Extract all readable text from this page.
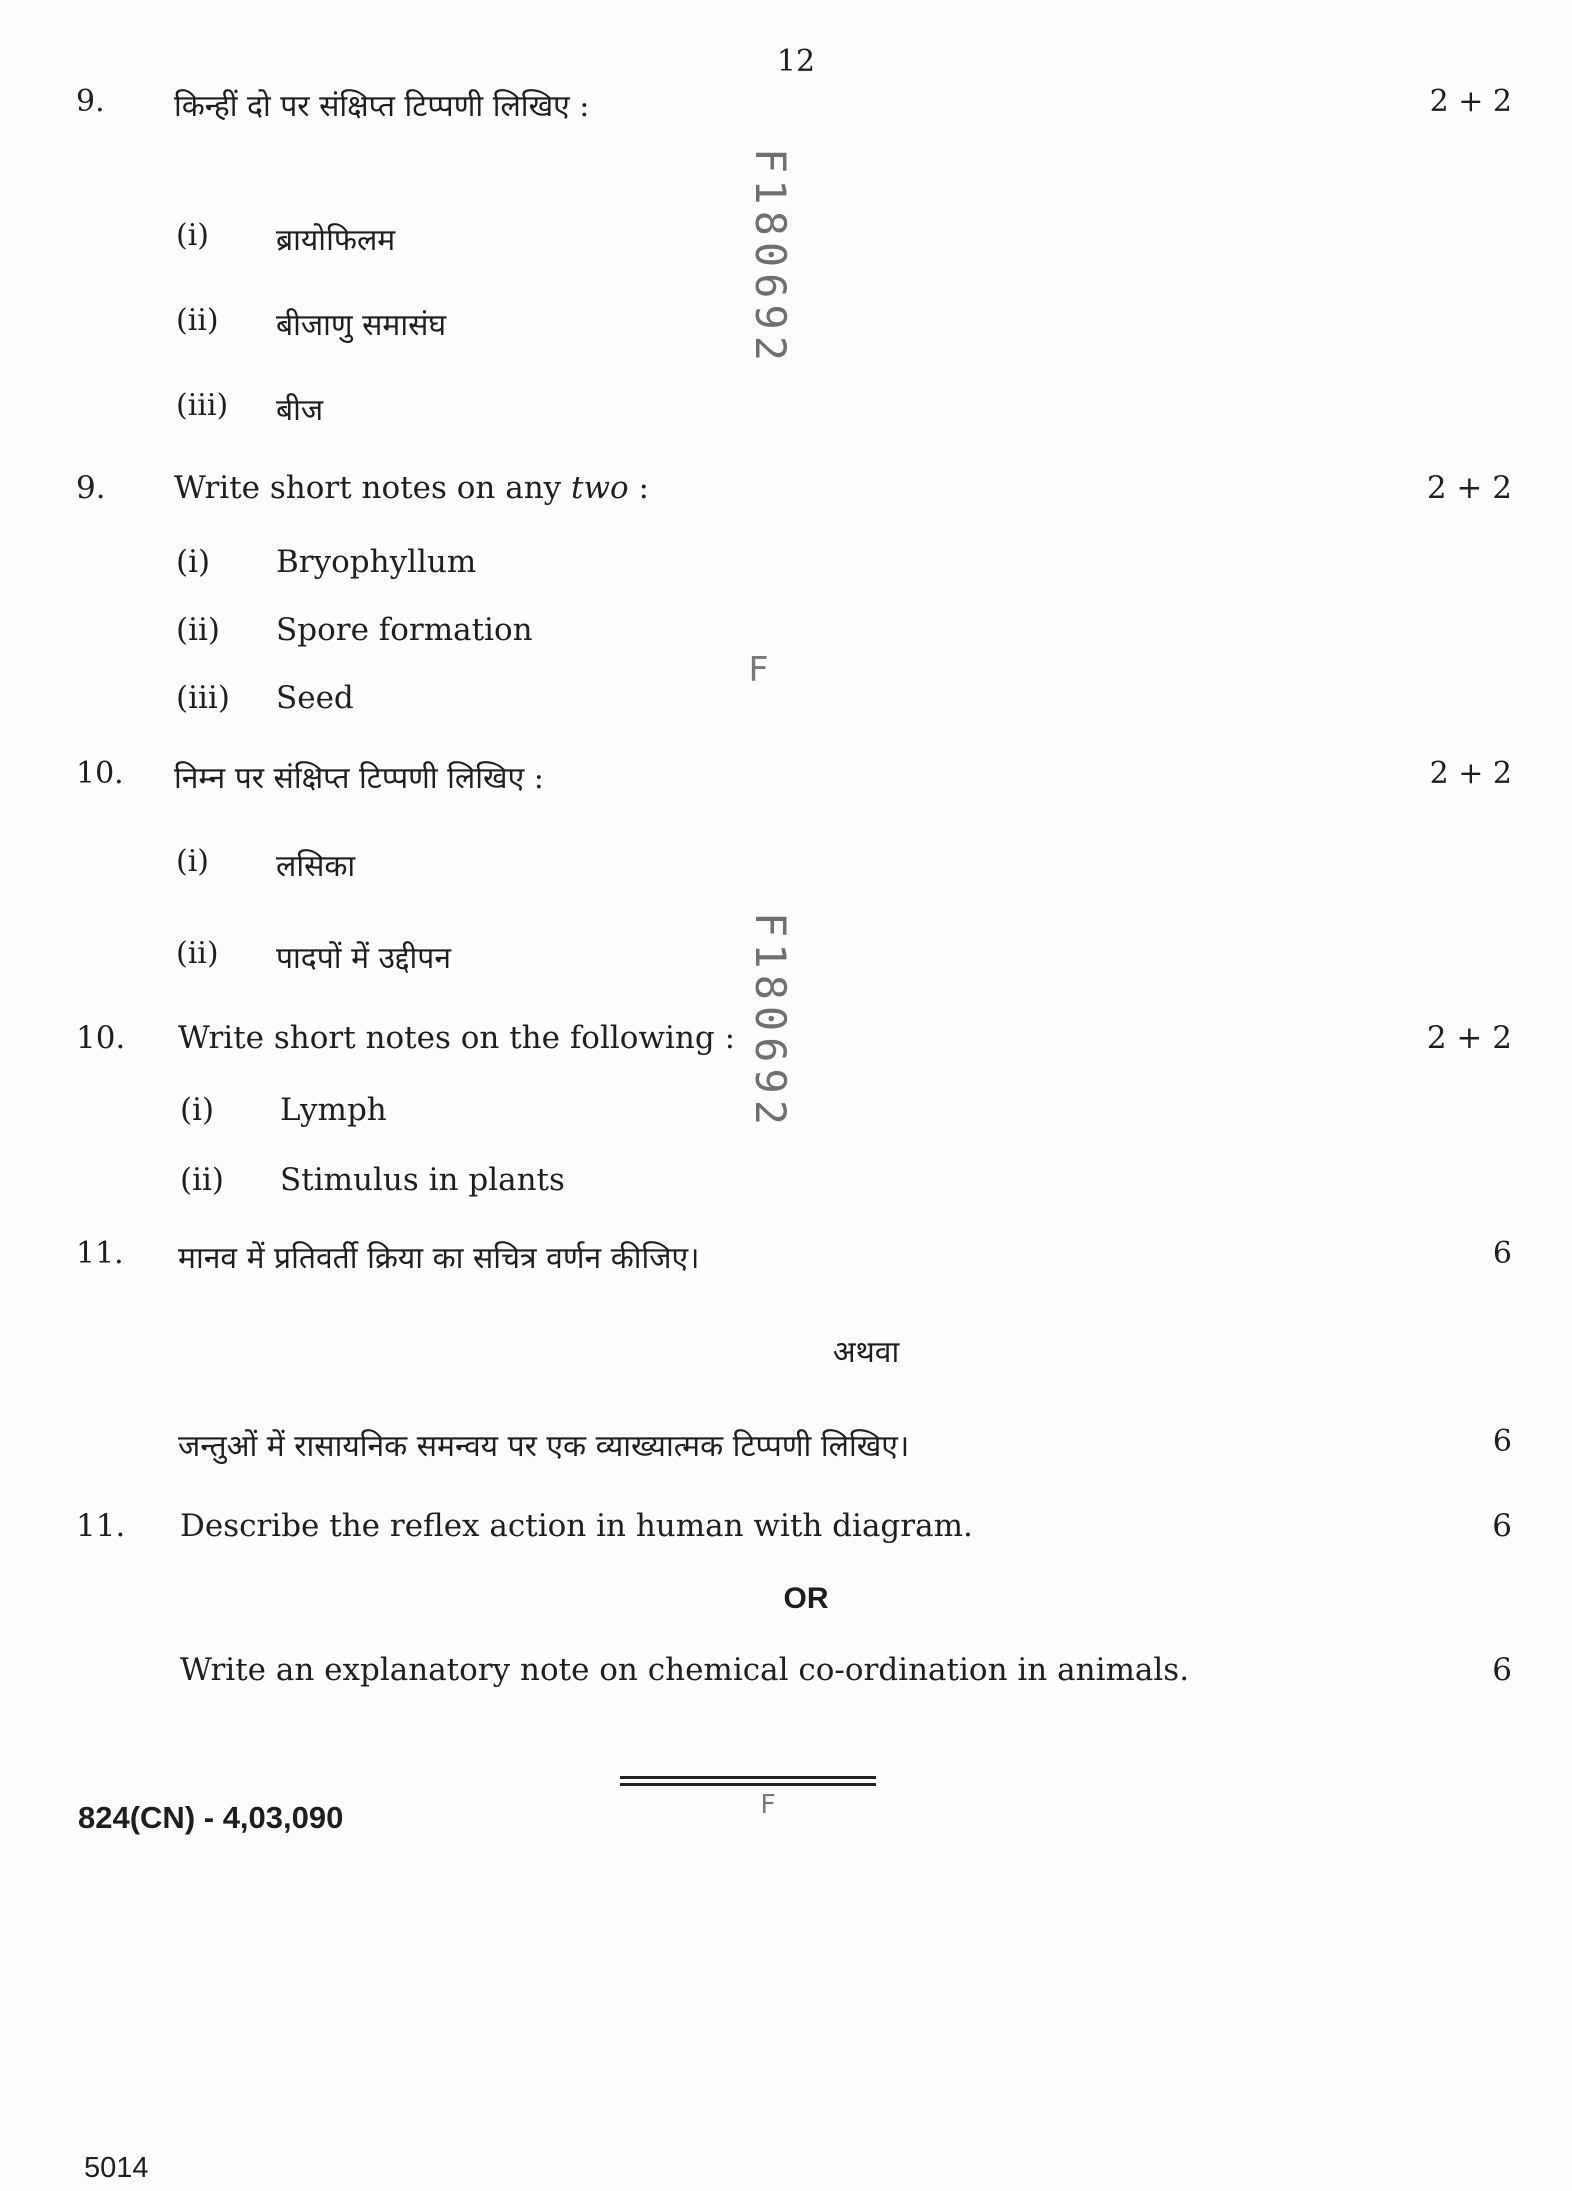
12
9. किन्हीं दो पर संक्षिप्त टिप्पणी लिखिए :	2 + 2
(i) ब्रायोफिलम
(ii) बीजाणु समासंघ
(iii) बीज
9. Write short notes on any two :	2 + 2
(i) Bryophyllum
(ii) Spore formation
(iii) Seed
10. निम्न पर संक्षिप्त टिप्पणी लिखिए :	2 + 2
(i) लसिका
(ii) पादपों में उद्दीपन
10. Write short notes on the following :	2 + 2
(i) Lymph
(ii) Stimulus in plants
11. मानव में प्रतिवर्ती क्रिया का सचित्र वर्णन कीजिए।	6
अथवा
जन्तुओं में रासायनिक समन्वय पर एक व्याख्यात्मक टिप्पणी लिखिए।	6
11. Describe the reflex action in human with diagram.	6
OR
Write an explanatory note on chemical co-ordination in animals.	6
824(CN) - 4,03,090
5014
F180692
F180692
F
F
